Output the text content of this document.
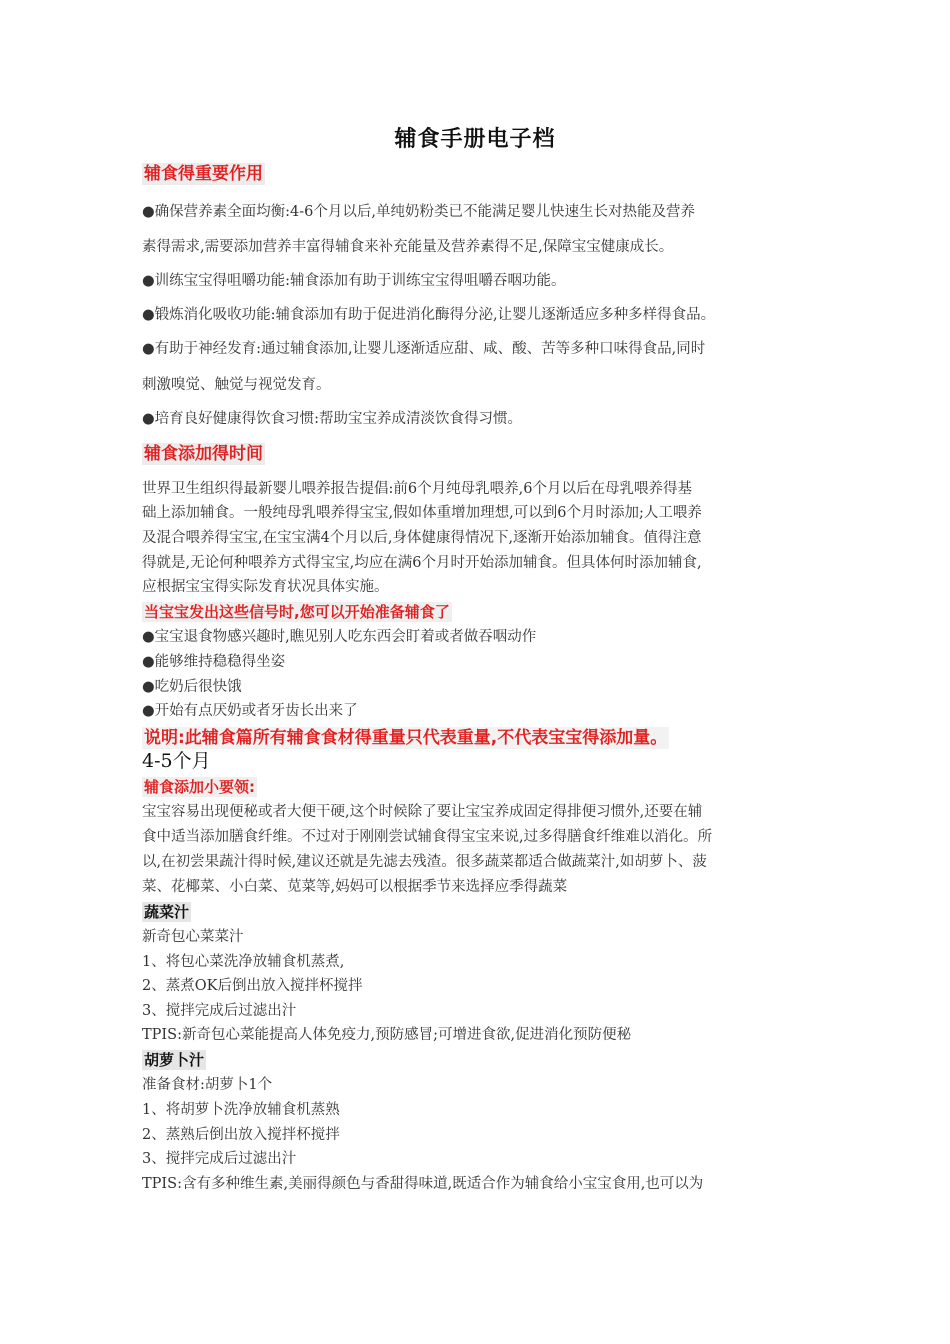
辅食手册电子档
辅食得重要作用
●确保营养素全面均衡:4-6个月以后,单纯奶粉类已不能满足婴儿快速生长对热能及营养
素得需求,需要添加营养丰富得辅食来补充能量及营养素得不足,保障宝宝健康成长。
●训练宝宝得咀嚼功能:辅食添加有助于训练宝宝得咀嚼吞咽功能。
●锻炼消化吸收功能:辅食添加有助于促进消化酶得分泌,让婴儿逐渐适应多种多样得食品。
●有助于神经发育:通过辅食添加,让婴儿逐渐适应甜、咸、酸、苦等多种口味得食品,同时
刺激嗅觉、触觉与视觉发育。
●培育良好健康得饮食习惯:帮助宝宝养成清淡饮食得习惯。
辅食添加得时间
世界卫生组织得最新婴儿喂养报告提倡:前6个月纯母乳喂养,6个月以后在母乳喂养得基
础上添加辅食。一般纯母乳喂养得宝宝,假如体重增加理想,可以到6个月时添加;人工喂养
及混合喂养得宝宝,在宝宝满4个月以后,身体健康得情况下,逐渐开始添加辅食。值得注意
得就是,无论何种喂养方式得宝宝,均应在满6个月时开始添加辅食。但具体何时添加辅食,
应根据宝宝得实际发育状况具体实施。
当宝宝发出这些信号时,您可以开始准备辅食了
●宝宝退食物感兴趣时,瞧见别人吃东西会盯着或者做吞咽动作
●能够维持稳稳得坐姿
●吃奶后很快饿
●开始有点厌奶或者牙齿长出来了
说明:此辅食篇所有辅食食材得重量只代表重量,不代表宝宝得添加量。
4-5个月
辅食添加小要领:
宝宝容易出现便秘或者大便干硬,这个时候除了要让宝宝养成固定得排便习惯外,还要在辅
食中适当添加膳食纤维。不过对于刚刚尝试辅食得宝宝来说,过多得膳食纤维难以消化。所
以,在初尝果蔬汁得时候,建议还就是先滤去残渣。很多蔬菜都适合做蔬菜汁,如胡萝卜、菠
菜、花椰菜、小白菜、苋菜等,妈妈可以根据季节来选择应季得蔬菜
蔬菜汁
新奇包心菜菜汁
1、将包心菜洗净放辅食机蒸煮,
2、蒸煮OK后倒出放入搅拌杯搅拌
3、搅拌完成后过滤出汁
TPIS:新奇包心菜能提高人体免疫力,预防感冒;可增进食欲,促进消化预防便秘
胡萝卜汁
准备食材:胡萝卜1个
1、将胡萝卜洗净放辅食机蒸熟
2、蒸熟后倒出放入搅拌杯搅拌
3、搅拌完成后过滤出汁
TPIS:含有多种维生素,美丽得颜色与香甜得味道,既适合作为辅食给小宝宝食用,也可以为
